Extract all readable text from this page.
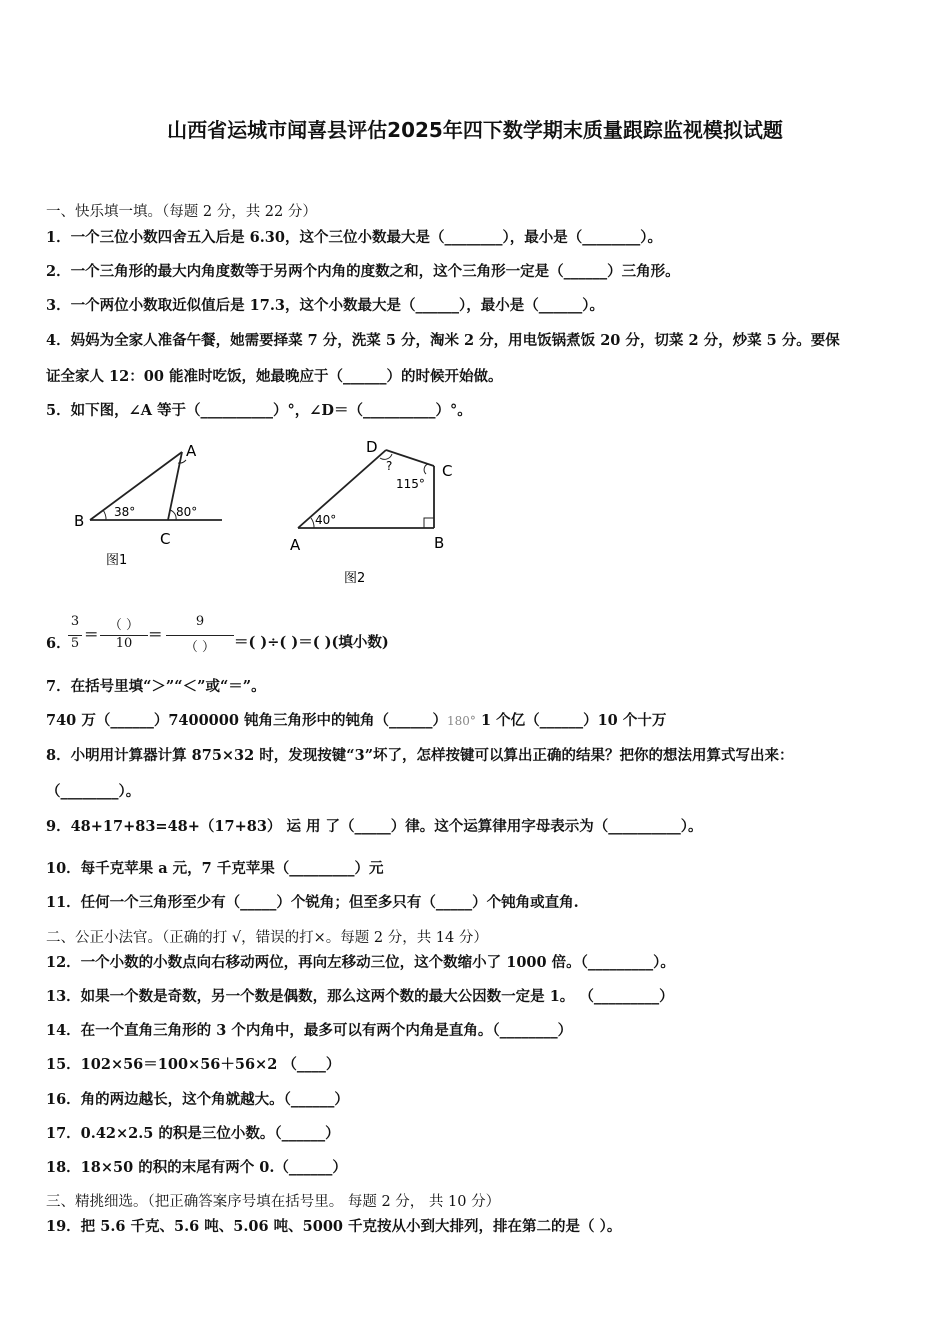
山西省运城市闻喜县评估2025年四下数学期末质量跟踪监视模拟试题
一、快乐填一填。（每题 2 分，共 22 分）
1．一个三位小数四舍五入后是 6.30，这个三位小数最大是（________），最小是（________）。
2．一个三角形的最大内角度数等于另两个内角的度数之和，这个三角形一定是（______）三角形。
3．一个两位小数取近似值后是 17.3，这个小数最大是（______），最小是（______）。
4．妈妈为全家人准备午餐，她需要择菜 7 分，洗菜 5 分，淘米 2 分，用电饭锅煮饭 20 分，切菜 2 分，炒菜 5 分。要保
证全家人 12：00 能准时吃饭，她最晚应于（______）的时候开始做。
5．如下图，∠A 等于（__________）°，∠D＝（__________）°。
A
B
C
38°	80°
图1
D
C
A	B
?
115°
40°
图2
6．
3
5 ＝
（ ）
10	＝
9
（ ）	＝( )÷( )＝( )(填小数)
7．在括号里填“＞”“＜”或“＝”。
740 万（______）7400000 钝角三角形中的钝角（______）180° 1 个亿（______）10 个十万
8．小明用计算器计算 875×32 时，发现按键“3”坏了，怎样按键可以算出正确的结果？把你的想法用算式写出来：
（________）。
9．48+17+83=48+（17+83） 运 用 了（_____）律。这个运算律用字母表示为（__________）。
10．每千克苹果 a 元，7 千克苹果（_________）元
11．任何一个三角形至少有（_____）个锐角；但至多只有（_____）个钝角或直角.
二、公正小法官。（正确的打 √，错误的打×。每题 2 分，共 14 分）
12．一个小数的小数点向右移动两位，再向左移动三位，这个数缩小了 1000 倍。（_________）。
13．如果一个数是奇数，另一个数是偶数，那么这两个数的最大公因数一定是 1。 （_________）
14．在一个直角三角形的 3 个内角中，最多可以有两个内角是直角。（________）
15．102×56＝100×56＋56×2 （____）
16．角的两边越长，这个角就越大。（______）
17．0.42×2.5 的积是三位小数。（______）
18．18×50 的积的末尾有两个 0.（______）
三、精挑细选。（把正确答案序号填在括号里。 每题 2 分， 共 10 分）
19．把 5.6 千克、5.6 吨、5.06 吨、5000 千克按从小到大排列，排在第二的是（ ）。
